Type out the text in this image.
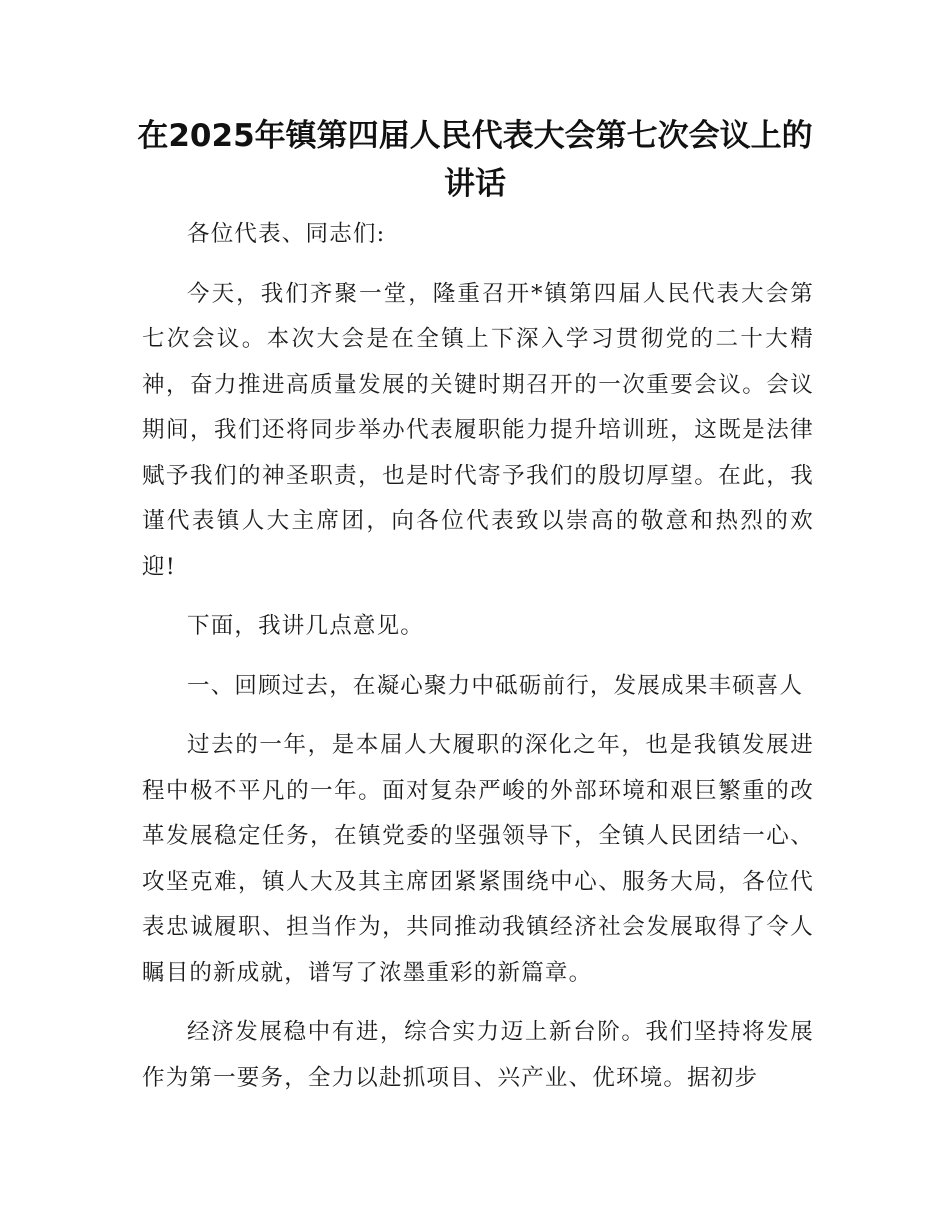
在2025年镇第四届人民代表大会第七次会议上的讲话

各位代表、同志们:

今天，我们齐聚一堂，隆重召开*镇第四届人民代表大会第七次会议。本次大会是在全镇上下深入学习贯彻党的二十大精神，奋力推进高质量发展的关键时期召开的一次重要会议。会议期间，我们还将同步举办代表履职能力提升培训班，这既是法律赋予我们的神圣职责，也是时代寄予我们的殷切厚望。在此，我谨代表镇人大主席团，向各位代表致以崇高的敬意和热烈的欢迎!

下面，我讲几点意见。

一、回顾过去，在凝心聚力中砥砺前行，发展成果丰硕喜人

过去的一年，是本届人大履职的深化之年，也是我镇发展进程中极不平凡的一年。面对复杂严峻的外部环境和艰巨繁重的改革发展稳定任务，在镇党委的坚强领导下，全镇人民团结一心、攻坚克难，镇人大及其主席团紧紧围绕中心、服务大局，各位代表忠诚履职、担当作为，共同推动我镇经济社会发展取得了令人瞩目的新成就，谱写了浓墨重彩的新篇章。

经济发展稳中有进，综合实力迈上新台阶。我们坚持将发展作为第一要务，全力以赴抓项目、兴产业、优环境。据初步
